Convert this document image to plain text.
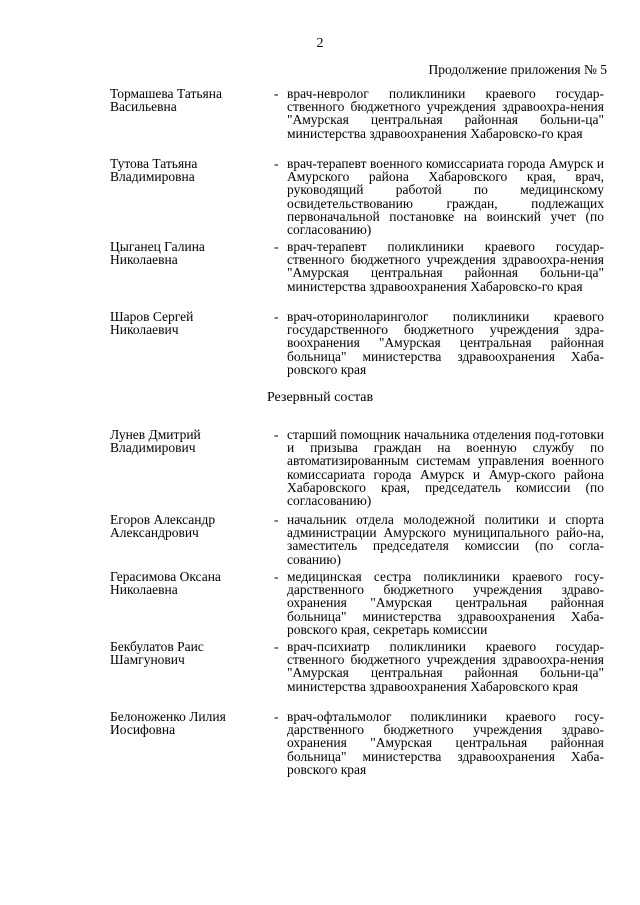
2
Продолжение приложения № 5
Тормашева Татьяна
Васильевна
- врач-невролог поликлиники краевого государ-ственного бюджетного учреждения здравоохра-нения "Амурская центральная районная больни-ца" министерства здравоохранения Хабаровско-го края
Тутова Татьяна
Владимировна
- врач-терапевт военного комиссариата города Амурск и Амурского района Хабаровского края, врач, руководящий работой по медицинскому освидетельствованию граждан, подлежащих первоначальной постановке на воинский учет (по согласованию)
Цыганец Галина
Николаевна
- врач-терапевт поликлиники краевого государ-ственного бюджетного учреждения здравоохра-нения "Амурская центральная районная больни-ца" министерства здравоохранения Хабаровско-го края
Шаров Сергей
Николаевич
- врач-оториноларинголог поликлиники краевого государственного бюджетного учреждения здра-воохранения "Амурская центральная районная больница" министерства здравоохранения Хаба-ровского края
Резервный состав
Лунев Дмитрий
Владимирович
- старший помощник начальника отделения под-готовки и призыва граждан на военную службу по автоматизированным системам управления военного комиссариата города Амурск и Амур-ского района Хабаровского края, председатель комиссии (по согласованию)
Егоров Александр
Александрович
- начальник отдела молодежной политики и спорта администрации Амурского муниципального райо-на, заместитель председателя комиссии (по согла-сованию)
Герасимова Оксана
Николаевна
- медицинская сестра поликлиники краевого госу-дарственного бюджетного учреждения здраво-охранения "Амурская центральная районная больница" министерства здравоохранения Хаба-ровского края, секретарь комиссии
Бекбулатов Раис
Шамгунович
- врач-психиатр поликлиники краевого государ-ственного бюджетного учреждения здравоохра-нения "Амурская центральная районная больни-ца" министерства здравоохранения Хабаровского края
Белоноженко Лилия
Иосифовна
- врач-офтальмолог поликлиники краевого госу-дарственного бюджетного учреждения здраво-охранения "Амурская центральная районная больница" министерства здравоохранения Хаба-ровского края
